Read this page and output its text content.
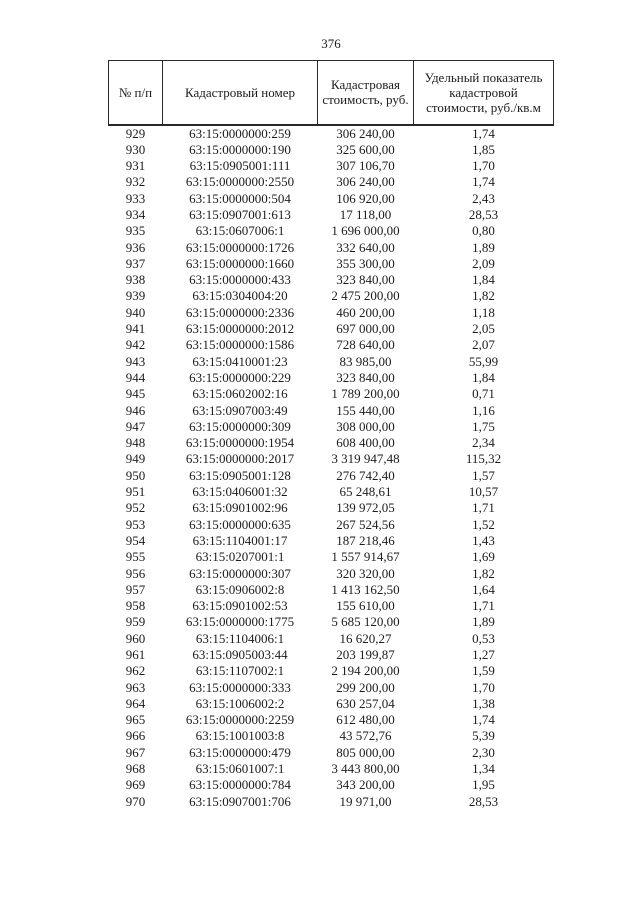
376
№ п/п	Кадастровый номер	Кадастровая стоимость, руб.	Удельный показатель кадастровой стоимости, руб./кв.м
929	63:15:0000000:259	306 240,00	1,74
930	63:15:0000000:190	325 600,00	1,85
931	63:15:0905001:111	307 106,70	1,70
932	63:15:0000000:2550	306 240,00	1,74
933	63:15:0000000:504	106 920,00	2,43
934	63:15:0907001:613	17 118,00	28,53
935	63:15:0607006:1	1 696 000,00	0,80
936	63:15:0000000:1726	332 640,00	1,89
937	63:15:0000000:1660	355 300,00	2,09
938	63:15:0000000:433	323 840,00	1,84
939	63:15:0304004:20	2 475 200,00	1,82
940	63:15:0000000:2336	460 200,00	1,18
941	63:15:0000000:2012	697 000,00	2,05
942	63:15:0000000:1586	728 640,00	2,07
943	63:15:0410001:23	83 985,00	55,99
944	63:15:0000000:229	323 840,00	1,84
945	63:15:0602002:16	1 789 200,00	0,71
946	63:15:0907003:49	155 440,00	1,16
947	63:15:0000000:309	308 000,00	1,75
948	63:15:0000000:1954	608 400,00	2,34
949	63:15:0000000:2017	3 319 947,48	115,32
950	63:15:0905001:128	276 742,40	1,57
951	63:15:0406001:32	65 248,61	10,57
952	63:15:0901002:96	139 972,05	1,71
953	63:15:0000000:635	267 524,56	1,52
954	63:15:1104001:17	187 218,46	1,43
955	63:15:0207001:1	1 557 914,67	1,69
956	63:15:0000000:307	320 320,00	1,82
957	63:15:0906002:8	1 413 162,50	1,64
958	63:15:0901002:53	155 610,00	1,71
959	63:15:0000000:1775	5 685 120,00	1,89
960	63:15:1104006:1	16 620,27	0,53
961	63:15:0905003:44	203 199,87	1,27
962	63:15:1107002:1	2 194 200,00	1,59
963	63:15:0000000:333	299 200,00	1,70
964	63:15:1006002:2	630 257,04	1,38
965	63:15:0000000:2259	612 480,00	1,74
966	63:15:1001003:8	43 572,76	5,39
967	63:15:0000000:479	805 000,00	2,30
968	63:15:0601007:1	3 443 800,00	1,34
969	63:15:0000000:784	343 200,00	1,95
970	63:15:0907001:706	19 971,00	28,53
